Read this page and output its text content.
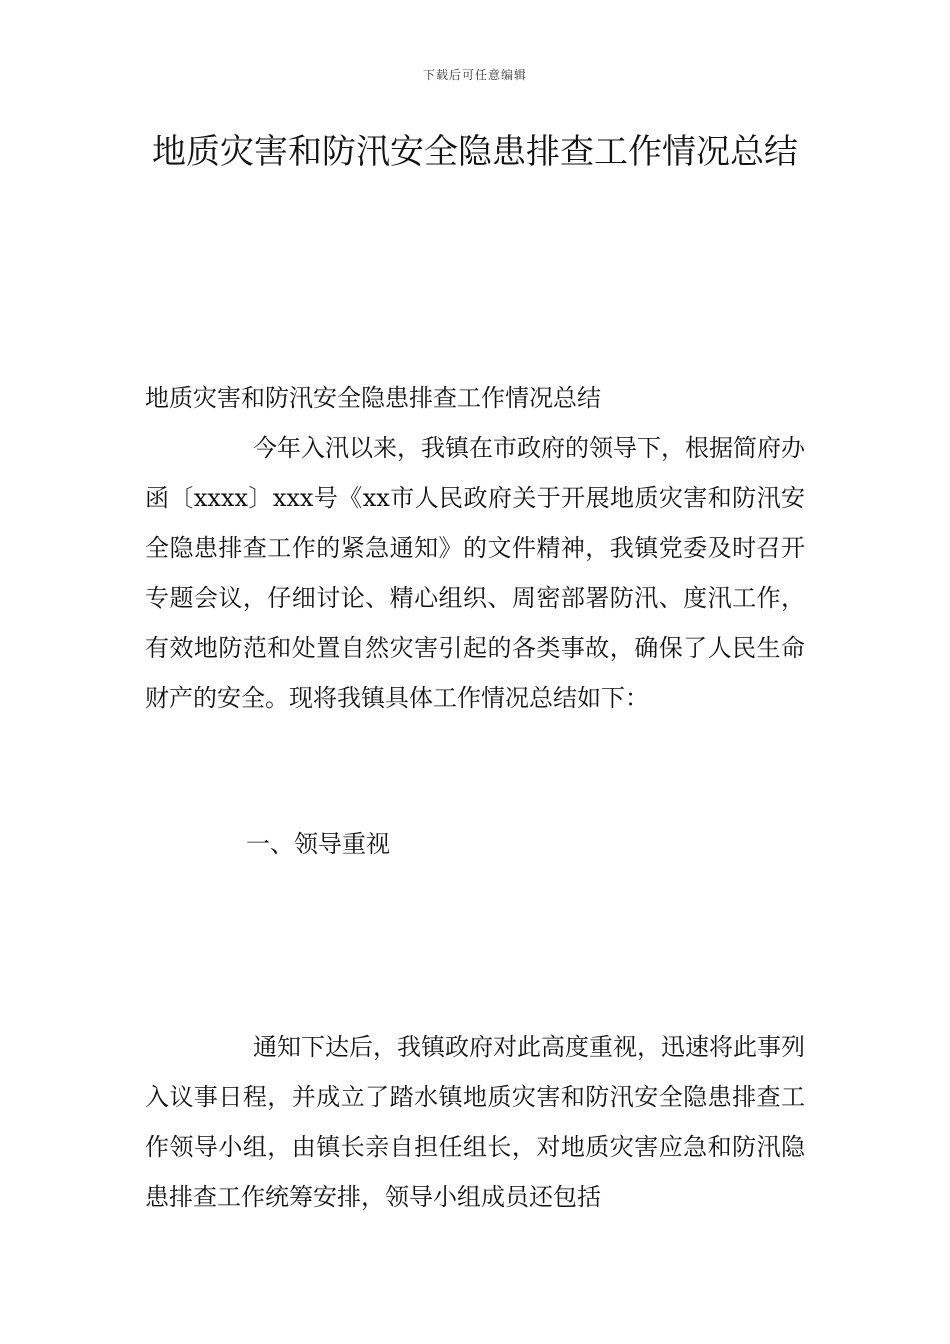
下载后可任意编辑
地质灾害和防汛安全隐患排查工作情况总结
地质灾害和防汛安全隐患排查工作情况总结

今年入汛以来，我镇在市政府的领导下，根据简府办函〔xxxx〕xxx号《xx市人民政府关于开展地质灾害和防汛安全隐患排查工作的紧急通知》的文件精神，我镇党委及时召开专题会议，仔细讨论、精心组织、周密部署防汛、度汛工作，有效地防范和处置自然灾害引起的各类事故，确保了人民生命财产的安全。现将我镇具体工作情况总结如下：

一、领导重视

通知下达后，我镇政府对此高度重视，迅速将此事列入议事日程，并成立了踏水镇地质灾害和防汛安全隐患排查工作领导小组，由镇长亲自担任组长，对地质灾害应急和防汛隐患排查工作统筹安排，领导小组成员还包括
